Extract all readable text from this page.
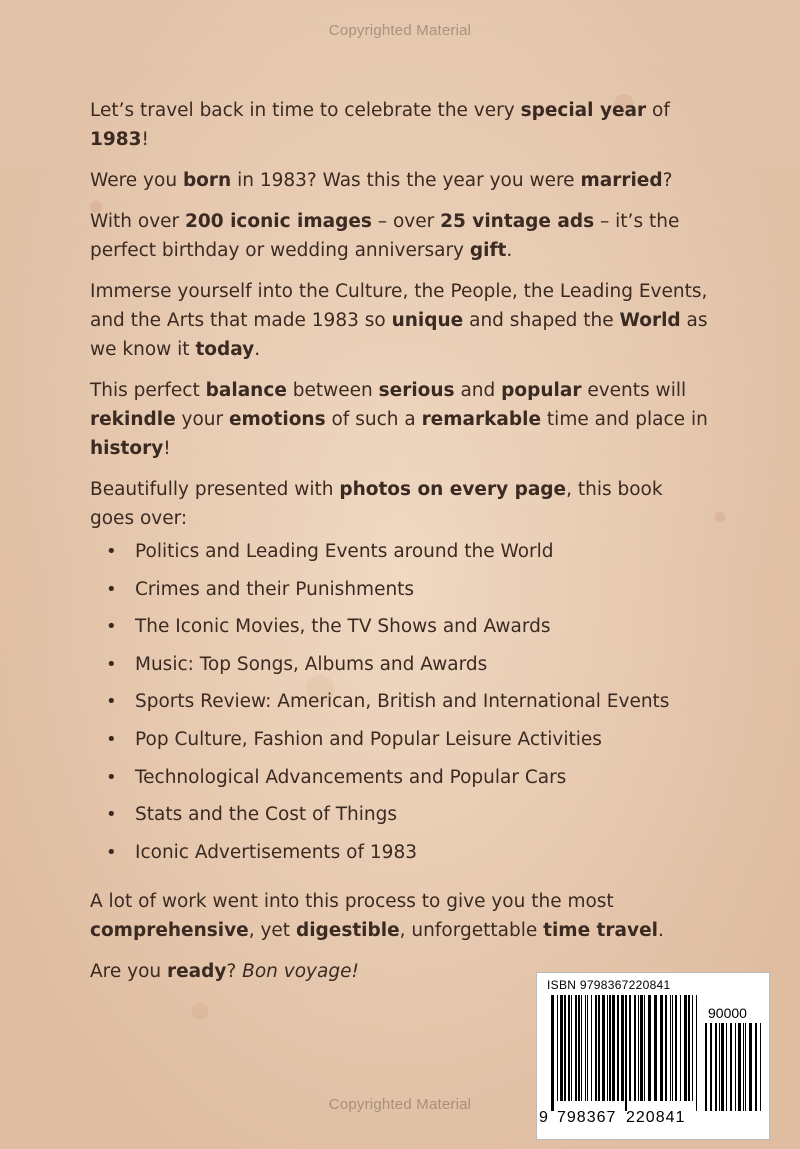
Copyrighted Material

Let’s travel back in time to celebrate the very special year of 1983!

Were you born in 1983? Was this the year you were married?

With over 200 iconic images – over 25 vintage ads – it’s the perfect birthday or wedding anniversary gift.

Immerse yourself into the Culture, the People, the Leading Events, and the Arts that made 1983 so unique and shaped the World as we know it today.

This perfect balance between serious and popular events will rekindle your emotions of such a remarkable time and place in history!

Beautifully presented with photos on every page, this book goes over:

• Politics and Leading Events around the World
• Crimes and their Punishments
• The Iconic Movies, the TV Shows and Awards
• Music: Top Songs, Albums and Awards
• Sports Review: American, British and International Events
• Pop Culture, Fashion and Popular Leisure Activities
• Technological Advancements and Popular Cars
• Stats and the Cost of Things
• Iconic Advertisements of 1983

A lot of work went into this process to give you the most comprehensive, yet digestible, unforgettable time travel.

Are you ready? Bon voyage!

ISBN 9798367220841
90000
9 798367 220841
Copyrighted Material
